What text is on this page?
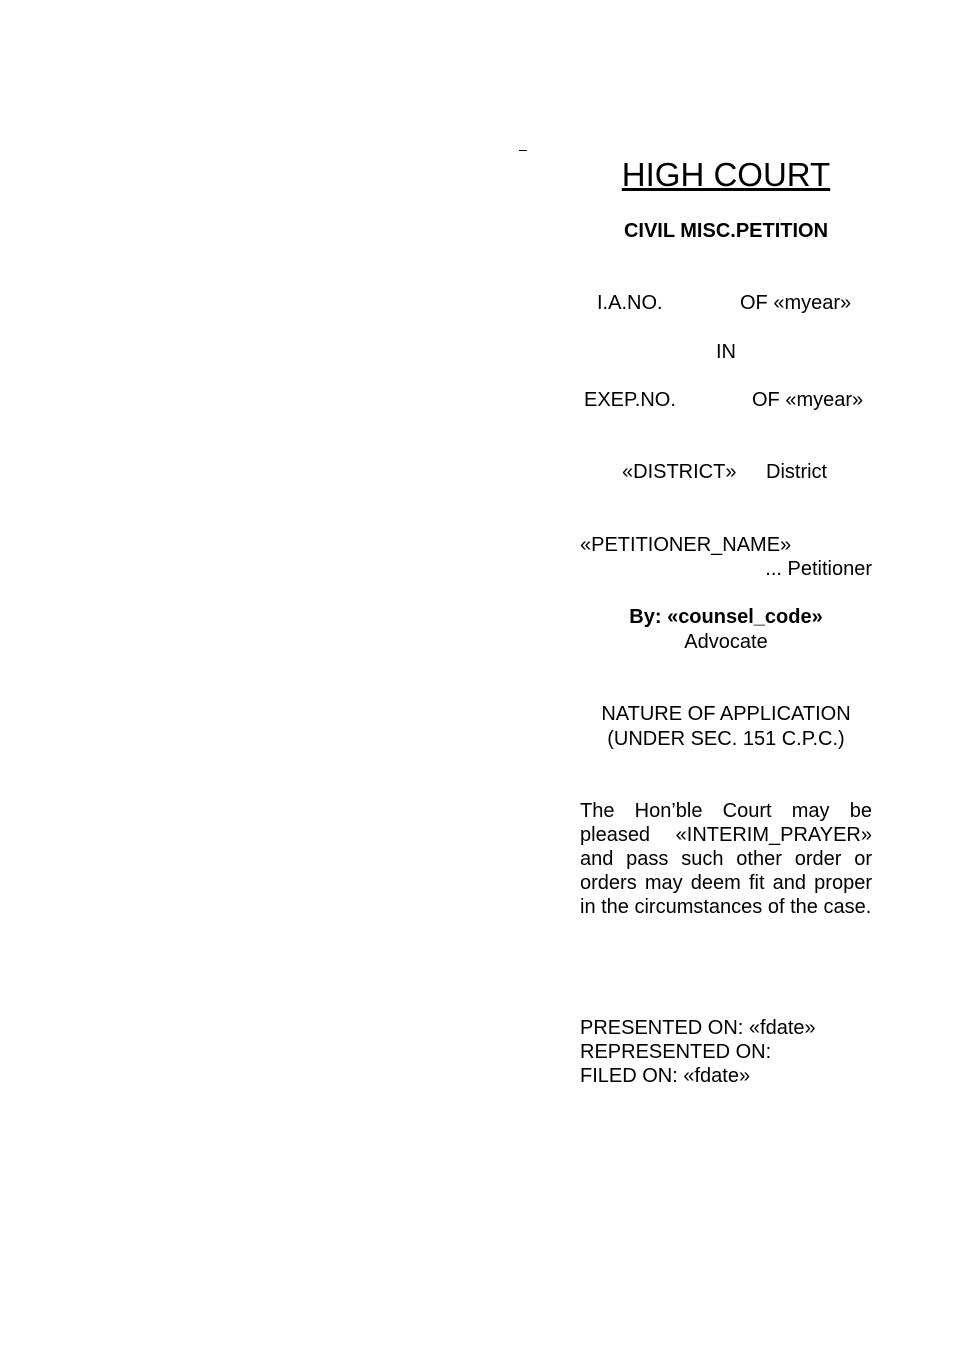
HIGH COURT
CIVIL MISC.PETITION
I.A.NO.	OF «myear»
IN
EXEP.NO.	OF «myear»
«DISTRICT» District
«PETITIONER_NAME»
... Petitioner
By: «counsel_code»
Advocate
NATURE OF APPLICATION
(UNDER SEC. 151 C.P.C.)
The Hon’ble Court may be pleased «INTERIM_PRAYER» and pass such other order or orders may deem fit and proper in the circumstances of the case.
PRESENTED ON: «fdate»
REPRESENTED ON:
FILED ON: «fdate»
